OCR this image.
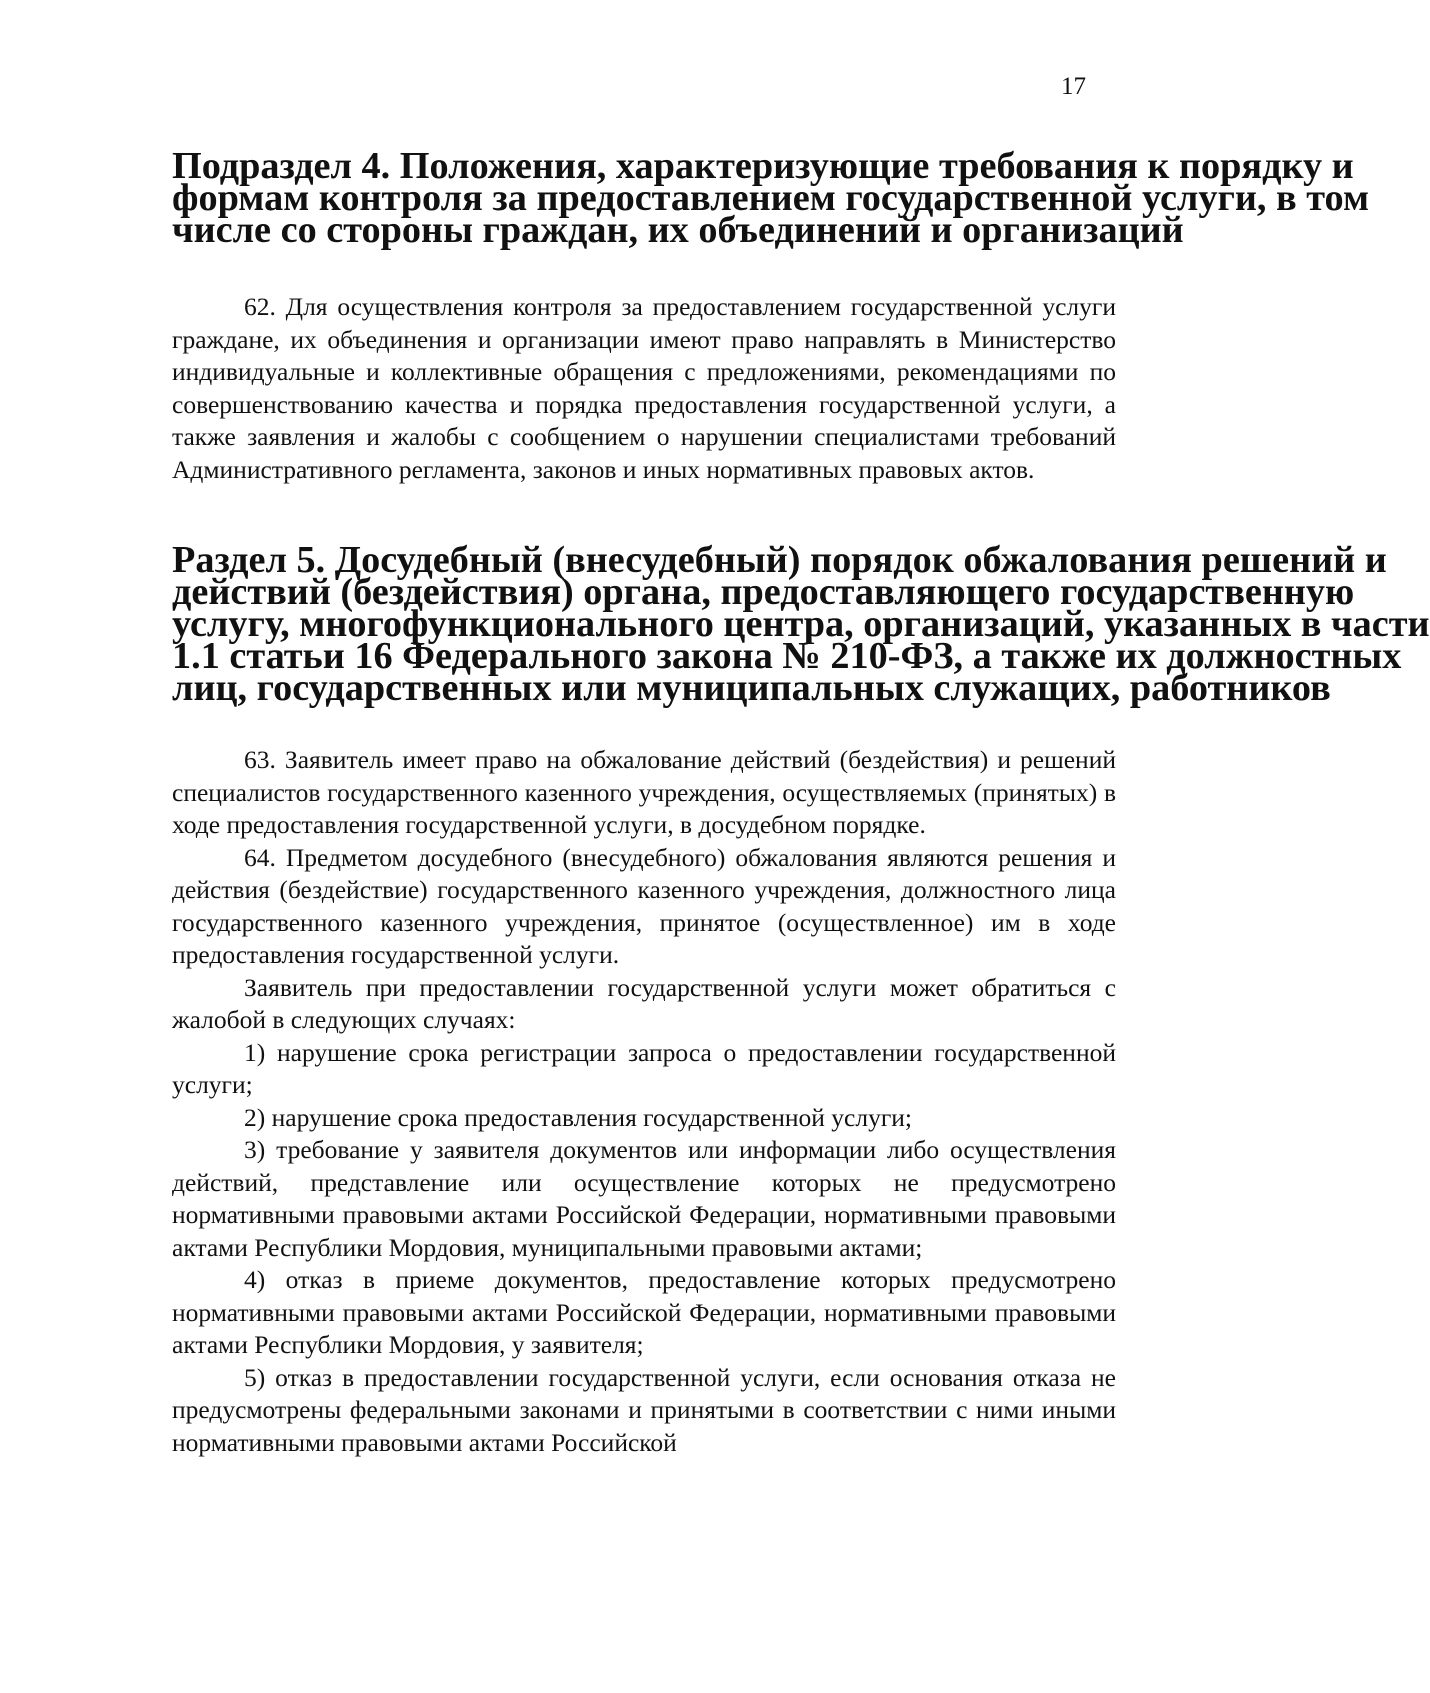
17
Подраздел 4. Положения, характеризующие требования к порядку и
формам контроля за предоставлением государственной услуги, в том
числе со стороны граждан, их объединений и организаций

62. Для осуществления контроля за предоставлением государственной услуги граждане, их объединения и организации имеют право направлять в Министерство индивидуальные и коллективные обращения с предложениями, рекомендациями по совершенствованию качества и порядка предоставления государственной услуги, а также заявления и жалобы с сообщением о нарушении специалистами требований Административного регламента, законов и иных нормативных правовых актов.

Раздел 5. Досудебный (внесудебный) порядок обжалования решений и
действий (бездействия) органа, предоставляющего государственную
услугу, многофункционального центра, организаций, указанных в части
1.1 статьи 16 Федерального закона № 210-ФЗ, а также их должностных
лиц, государственных или муниципальных служащих, работников

63. Заявитель имеет право на обжалование действий (бездействия) и решений специалистов государственного казенного учреждения, осуществляемых (принятых) в ходе предоставления государственной услуги, в досудебном порядке.

64. Предметом досудебного (внесудебного) обжалования являются решения и действия (бездействие) государственного казенного учреждения, должностного лица государственного казенного учреждения, принятое (осуществленное) им в ходе предоставления государственной услуги.

Заявитель при предоставлении государственной услуги может обратиться с жалобой в следующих случаях:

1) нарушение срока регистрации запроса о предоставлении государственной услуги;

2) нарушение срока предоставления государственной услуги;

3) требование у заявителя документов или информации либо осуществления действий, представление или осуществление которых не предусмотрено нормативными правовыми актами Российской Федерации, нормативными правовыми актами Республики Мордовия, муниципальными правовыми актами;

4) отказ в приеме документов, предоставление которых предусмотрено нормативными правовыми актами Российской Федерации, нормативными правовыми актами Республики Мордовия, у заявителя;

5) отказ в предоставлении государственной услуги, если основания отказа не предусмотрены федеральными законами и принятыми в соответствии с ними иными нормативными правовыми актами Российской
